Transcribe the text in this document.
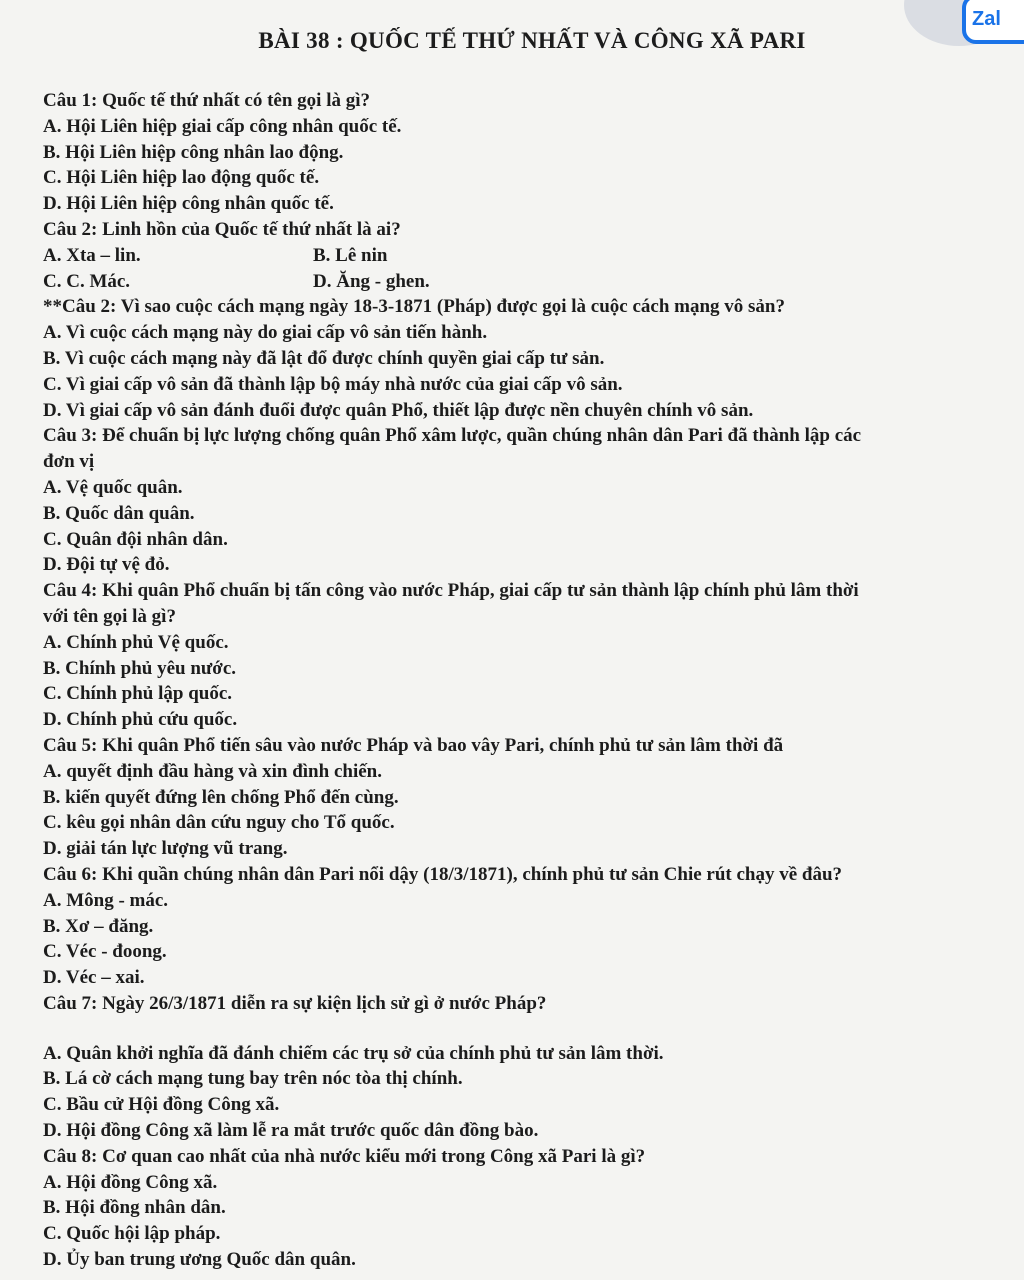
Zal
BÀI 38 : QUỐC TẾ THỨ NHẤT VÀ CÔNG XÃ PARI
Câu 1: Quốc tế thứ nhất có tên gọi là gì?
A. Hội Liên hiệp giai cấp công nhân quốc tế.
B. Hội Liên hiệp công nhân lao động.
C. Hội Liên hiệp lao động quốc tế.
D. Hội Liên hiệp công nhân quốc tế.
Câu 2: Linh hồn của Quốc tế thứ nhất là ai?
A. Xta – lin.	B. Lê nin
C. C. Mác.	D. Ăng - ghen.
**Câu 2: Vì sao cuộc cách mạng ngày 18-3-1871 (Pháp) được gọi là cuộc cách mạng vô sản?
A. Vì cuộc cách mạng này do giai cấp vô sản tiến hành.
B. Vì cuộc cách mạng này đã lật đổ được chính quyền giai cấp tư sản.
C. Vì giai cấp vô sản đã thành lập bộ máy nhà nước của giai cấp vô sản.
D. Vì giai cấp vô sản đánh đuổi được quân Phổ, thiết lập được nền chuyên chính vô sản.
Câu 3: Để chuẩn bị lực lượng chống quân Phổ xâm lược, quần chúng nhân dân Pari đã thành lập các
đơn vị
A. Vệ quốc quân.
B. Quốc dân quân.
C. Quân đội nhân dân.
D. Đội tự vệ đỏ.
Câu 4: Khi quân Phổ chuẩn bị tấn công vào nước Pháp, giai cấp tư sản thành lập chính phủ lâm thời
với tên gọi là gì?
A. Chính phủ Vệ quốc.
B. Chính phủ yêu nước.
C. Chính phủ lập quốc.
D. Chính phủ cứu quốc.
Câu 5: Khi quân Phổ tiến sâu vào nước Pháp và bao vây Pari, chính phủ tư sản lâm thời đã
A. quyết định đầu hàng và xin đình chiến.
B. kiến quyết đứng lên chống Phổ đến cùng.
C. kêu gọi nhân dân cứu nguy cho Tổ quốc.
D. giải tán lực lượng vũ trang.
Câu 6: Khi quần chúng nhân dân Pari nổi dậy (18/3/1871), chính phủ tư sản Chie rút chạy về đâu?
A. Mông - mác.
B. Xơ – đăng.
C. Véc - đoong.
D. Véc – xai.
Câu 7: Ngày 26/3/1871 diễn ra sự kiện lịch sử gì ở nước Pháp?
A. Quân khởi nghĩa đã đánh chiếm các trụ sở của chính phủ tư sản lâm thời.
B. Lá cờ cách mạng tung bay trên nóc tòa thị chính.
C. Bầu cử Hội đồng Công xã.
D. Hội đồng Công xã làm lễ ra mắt trước quốc dân đồng bào.
Câu 8: Cơ quan cao nhất của nhà nước kiểu mới trong Công xã Pari là gì?
A. Hội đồng Công xã.
B. Hội đồng nhân dân.
C. Quốc hội lập pháp.
D. Ủy ban trung ương Quốc dân quân.
